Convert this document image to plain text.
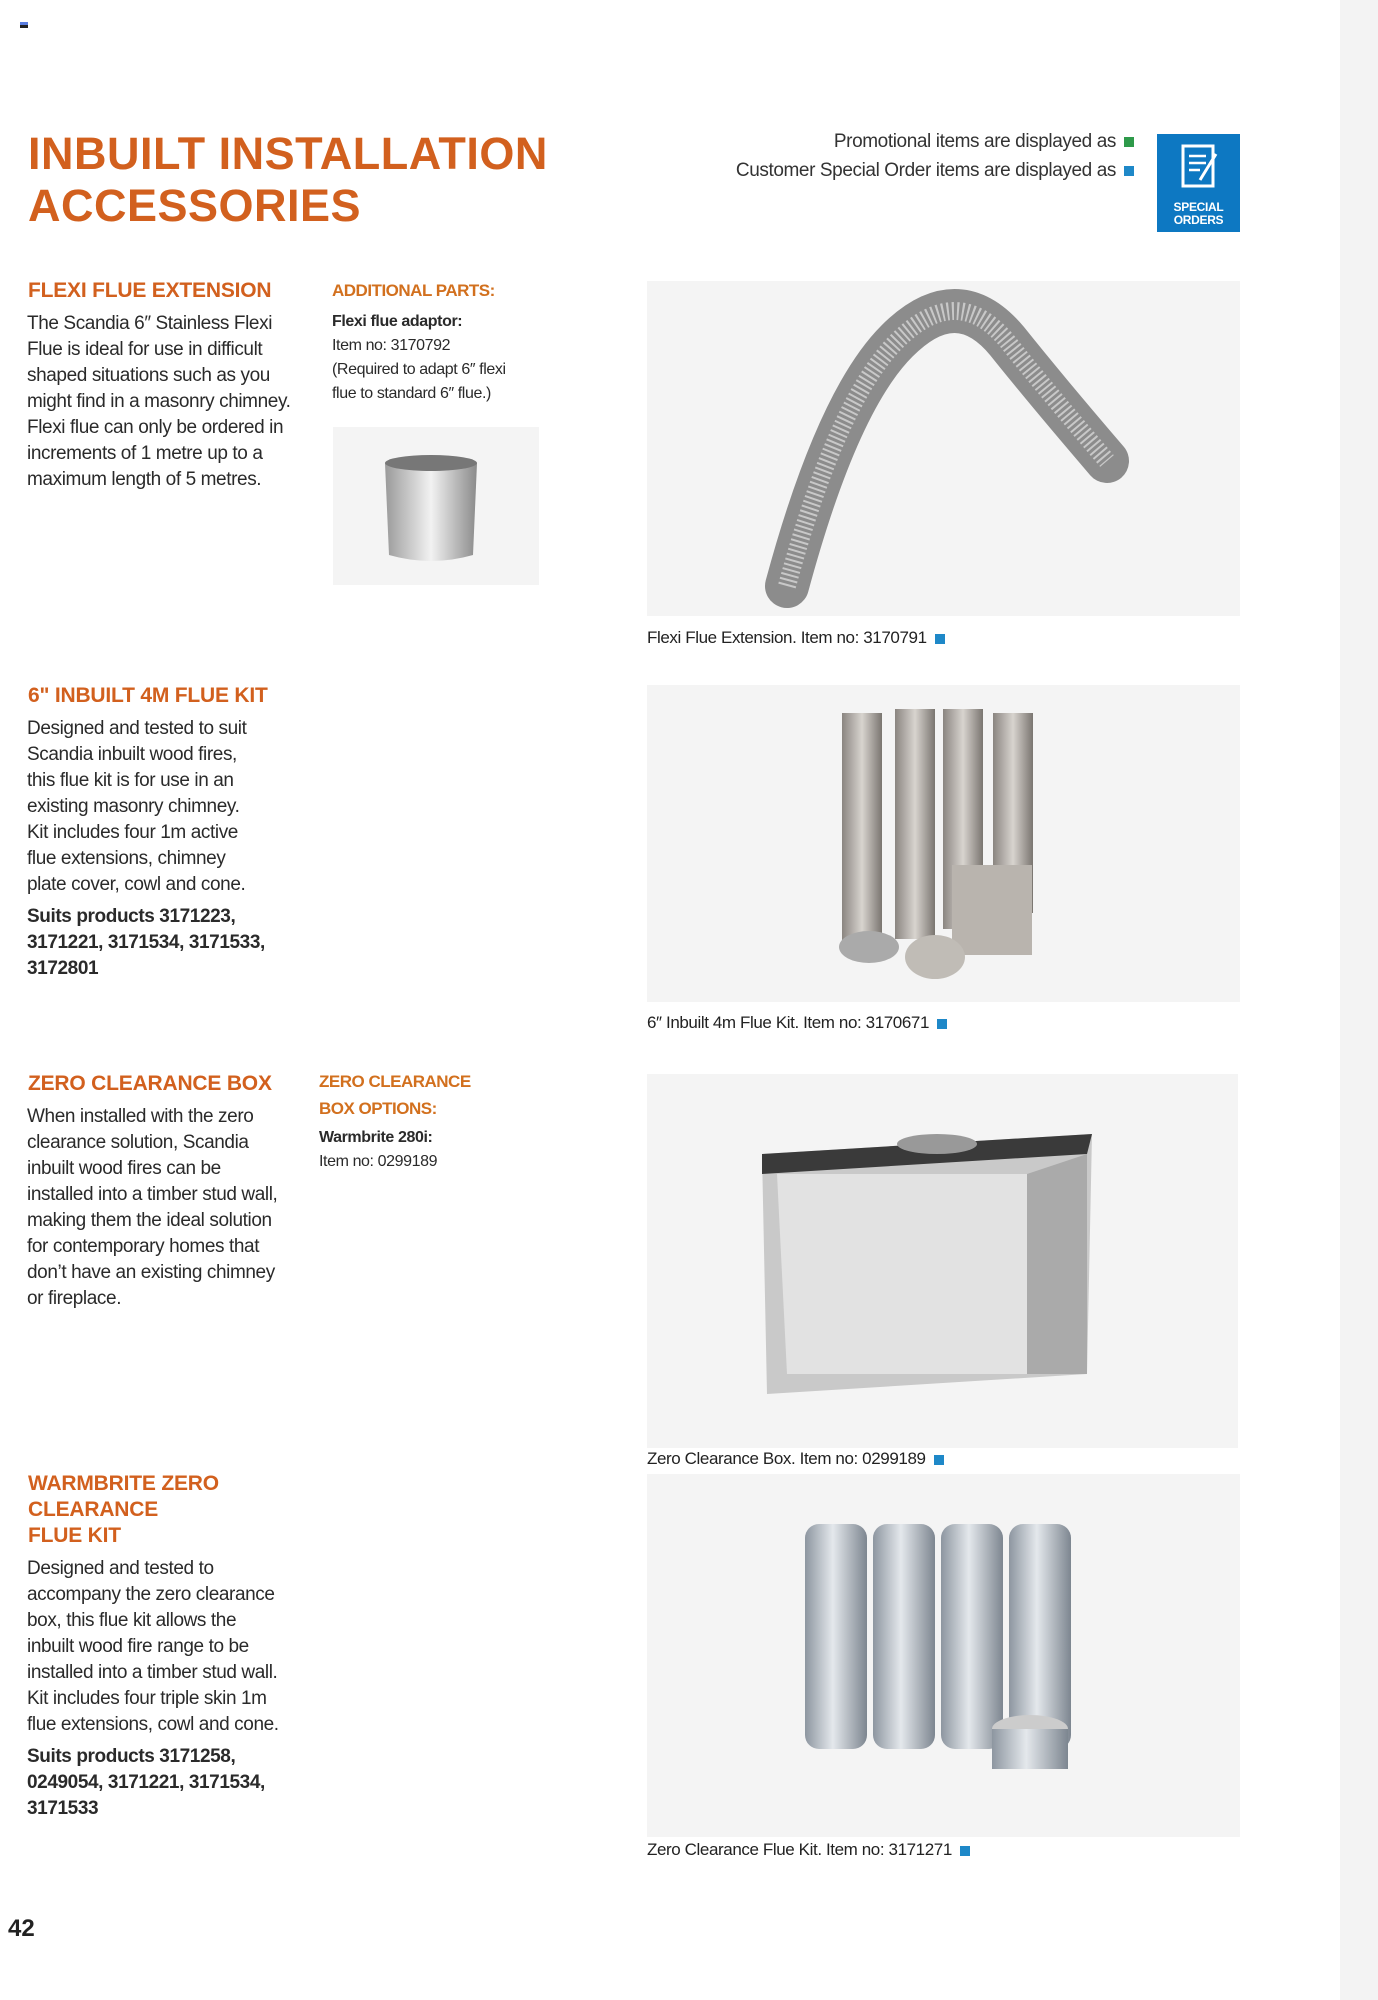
INBUILT INSTALLATION
ACCESSORIES
Promotional items are displayed as
Customer Special Order items are displayed as
SPECIAL
ORDERS
FLEXI FLUE EXTENSION
The Scandia 6″ Stainless Flexi
Flue is ideal for use in difficult
shaped situations such as you
might find in a masonry chimney.
Flexi flue can only be ordered in
increments of 1 metre up to a
maximum length of 5 metres.
ADDITIONAL PARTS:
Flexi flue adaptor:
Item no: 3170792
(Required to adapt 6″ flexi
flue to standard 6″ flue.)
Flexi Flue Extension. Item no: 3170791
6" INBUILT 4M FLUE KIT
Designed and tested to suit
Scandia inbuilt wood fires,
this flue kit is for use in an
existing masonry chimney.
Kit includes four 1m active
flue extensions, chimney
plate cover, cowl and cone.
Suits products 3171223,
3171221, 3171534, 3171533,
3172801
6″ Inbuilt 4m Flue Kit. Item no: 3170671
ZERO CLEARANCE BOX
When installed with the zero
clearance solution, Scandia
inbuilt wood fires can be
installed into a timber stud wall,
making them the ideal solution
for contemporary homes that
don’t have an existing chimney
or fireplace.
ZERO CLEARANCE
BOX OPTIONS:
Warmbrite 280i:
Item no: 0299189
Zero Clearance Box. Item no: 0299189
WARMBRITE ZERO
CLEARANCE
FLUE KIT
Designed and tested to
accompany the zero clearance
box, this flue kit allows the
inbuilt wood fire range to be
installed into a timber stud wall.
Kit includes four triple skin 1m
flue extensions, cowl and cone.
Suits products 3171258,
0249054, 3171221, 3171534,
3171533
Zero Clearance Flue Kit. Item no: 3171271
42
